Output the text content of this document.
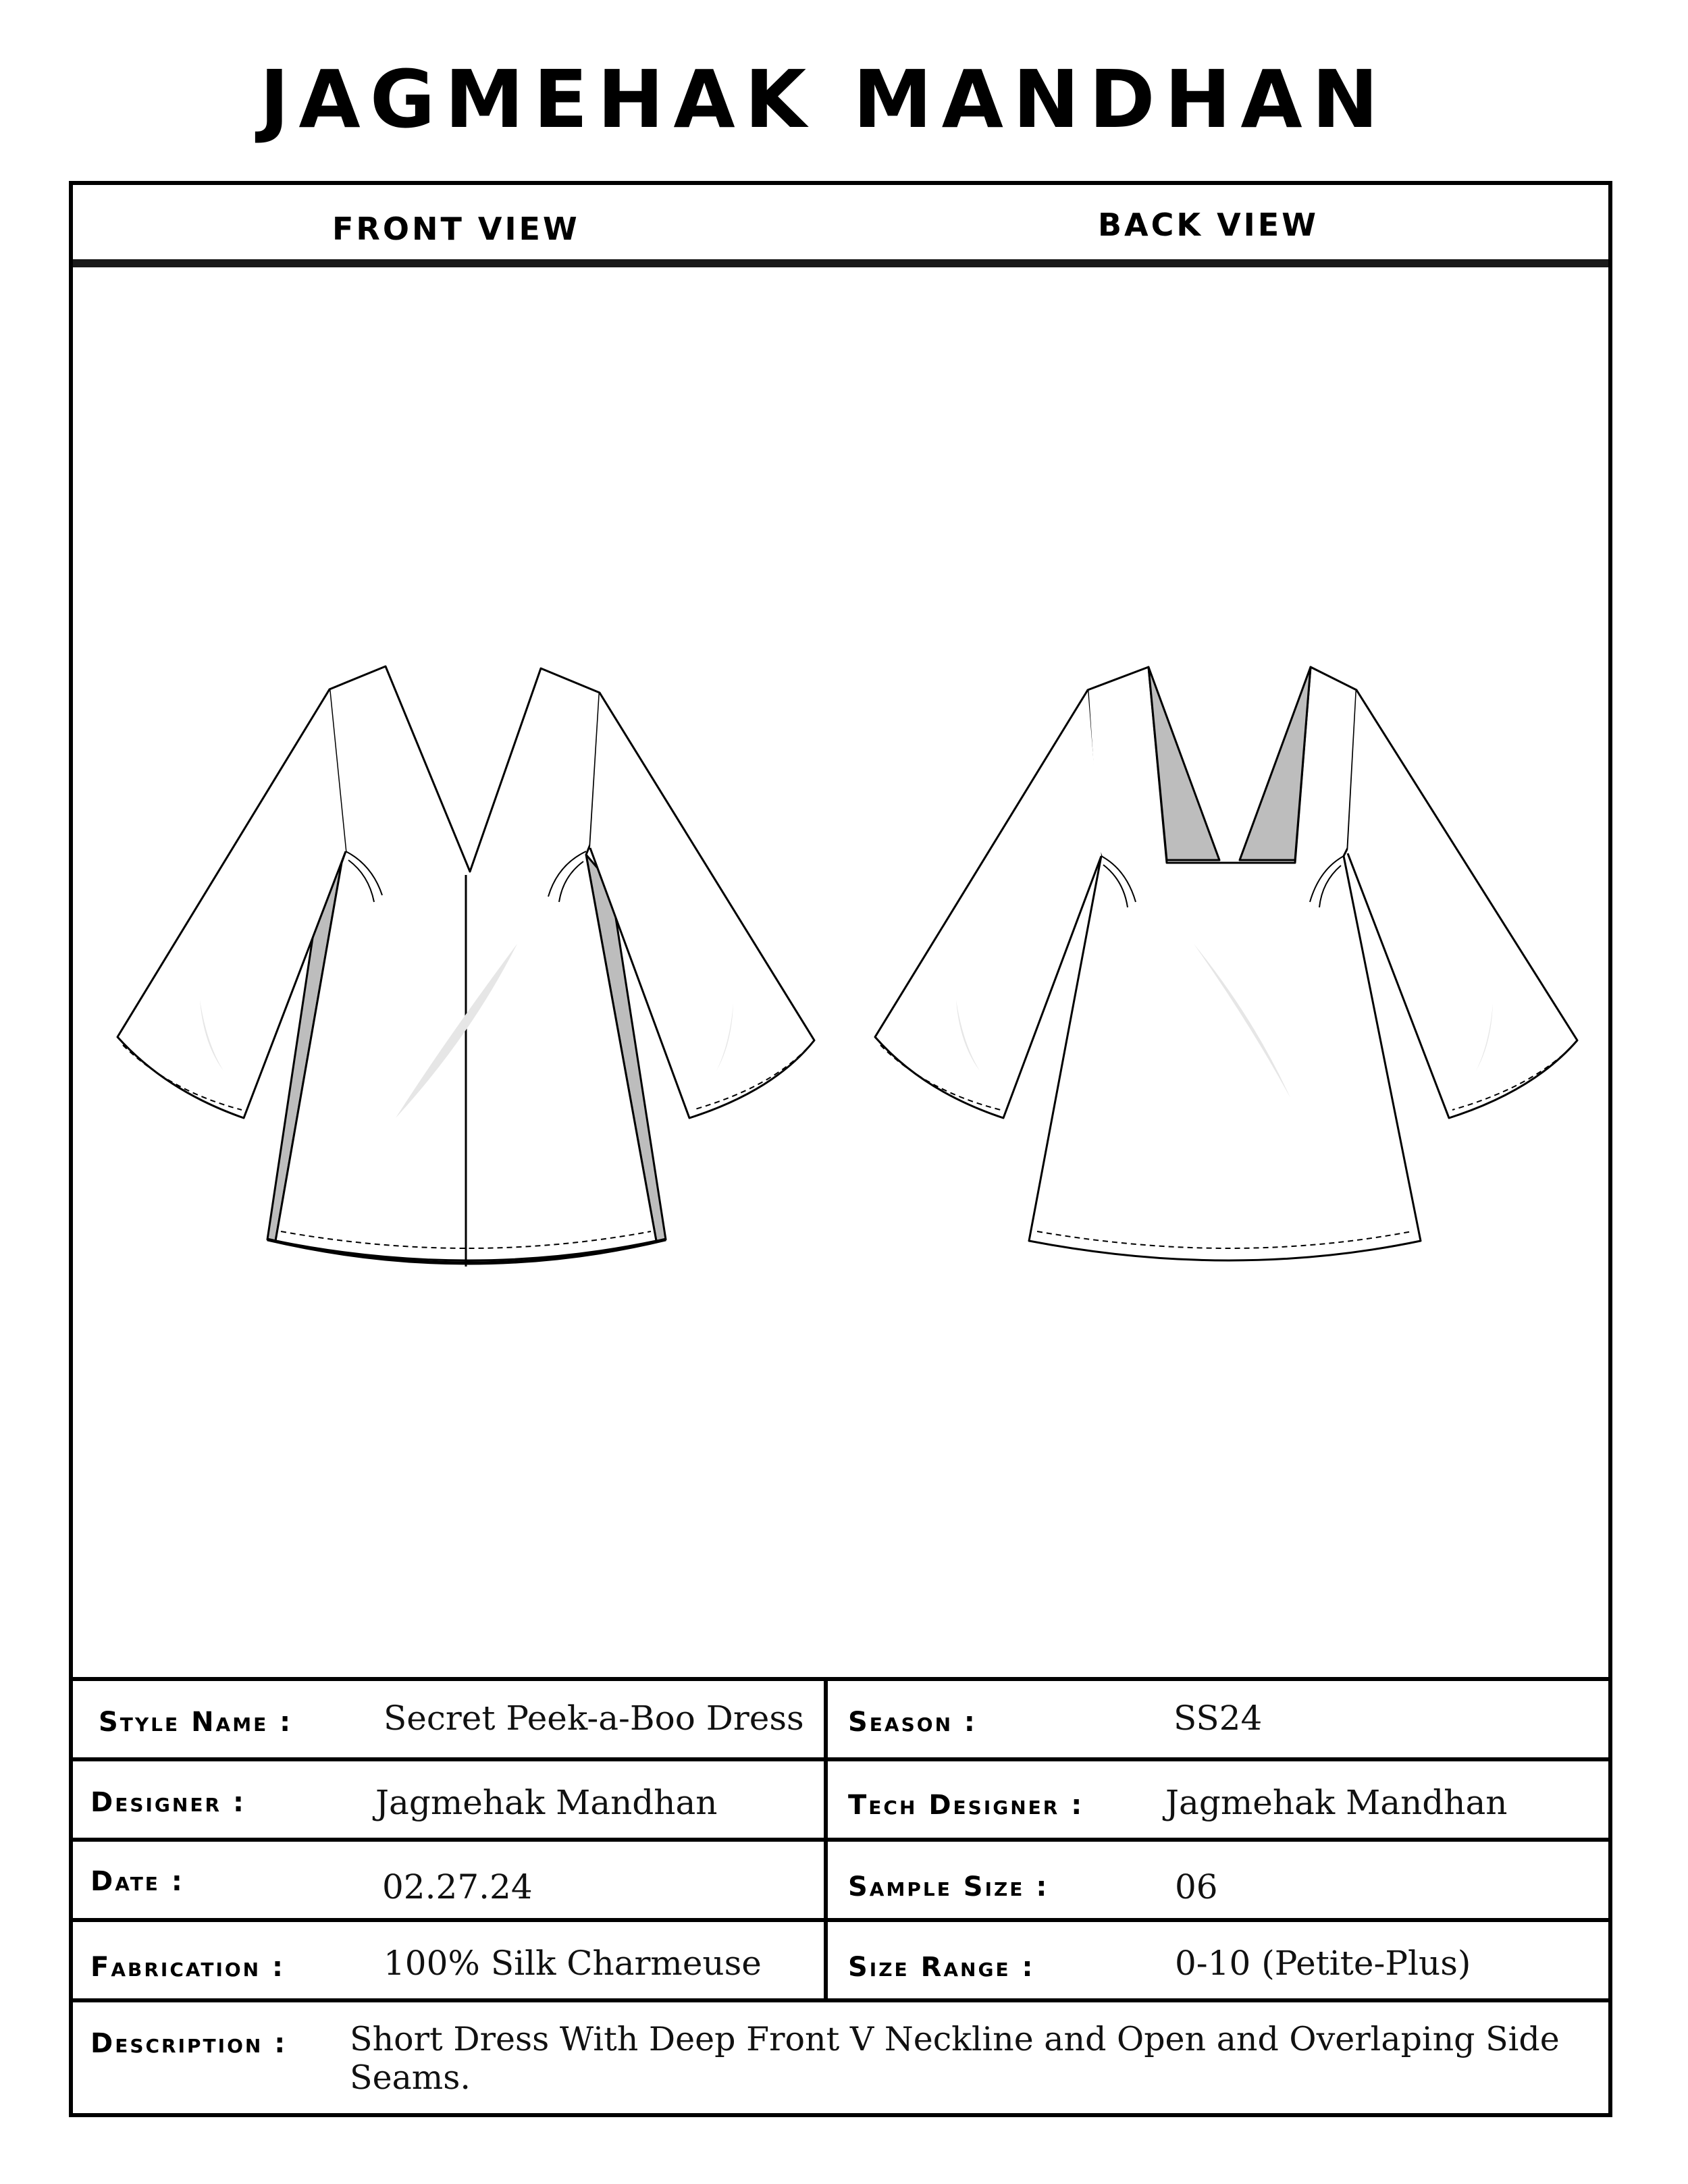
JAGMEHAK MANDHAN
FRONT VIEW	BACK VIEW
Style Name :	Secret Peek-a-Boo Dress Season :	SS24
Designer :	Jagmehak Mandhan	Tech Designer : Jagmehak Mandhan
Date :	02.27.24	Sample Size :	06
Fabrication :	100% Silk Charmeuse	Size Range :	0-10 (Petite-Plus)
Description : Short Dress With Deep Front V Neckline and Open and Overlaping Side Seams.
